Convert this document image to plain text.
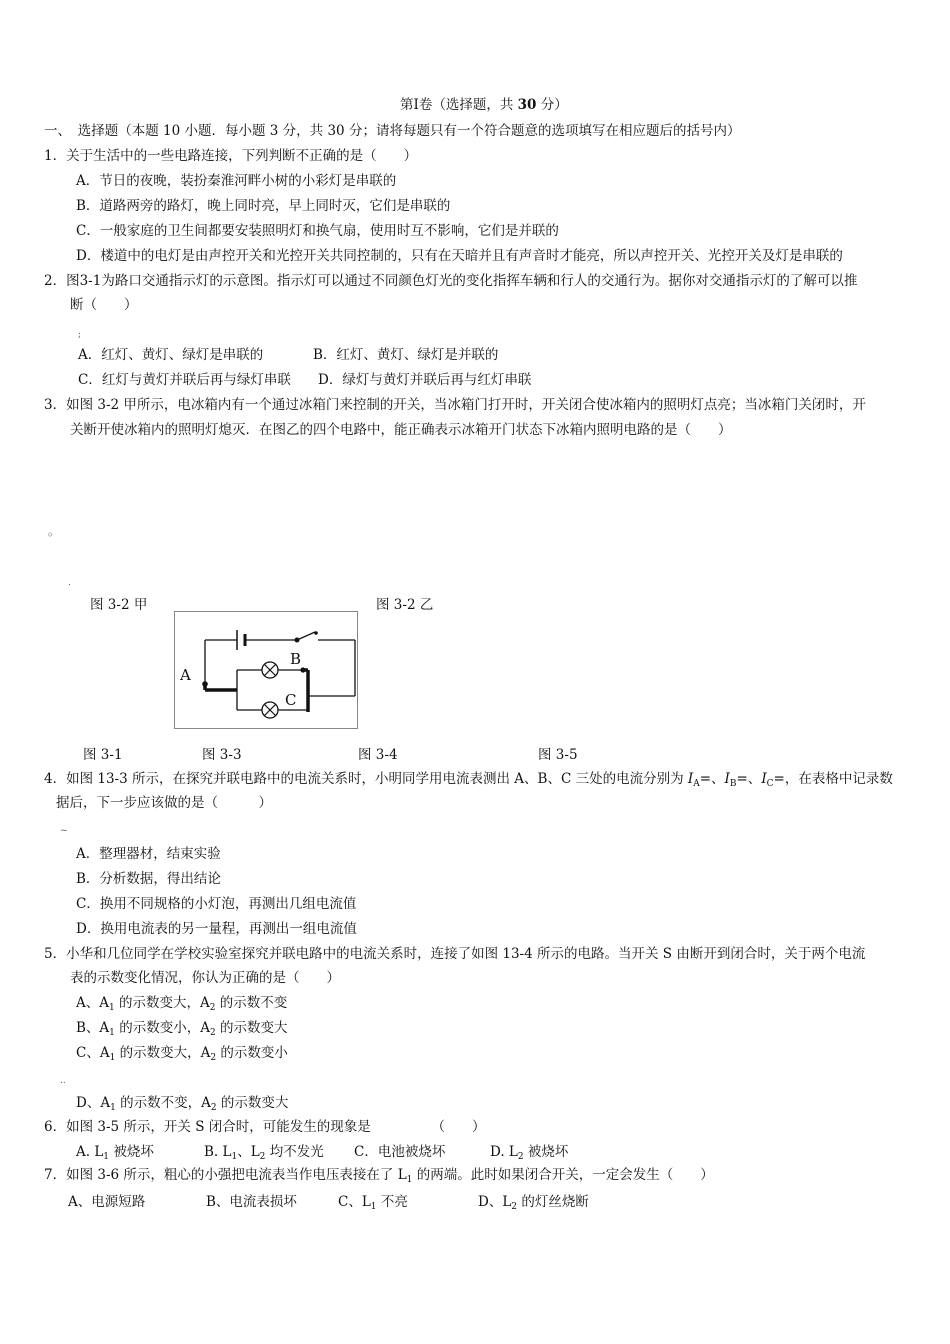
第Ⅰ卷（选择题，共 30 分）
一、　选择题（本题 10 小题．每小题 3 分，共 30 分；请将每题只有一个符合题意的选项填写在相应题后的括号内）
1．关于生活中的一些电路连接，下列判断不正确的是（　　）
A．节日的夜晚，装扮秦淮河畔小树的小彩灯是串联的
B．道路两旁的路灯，晚上同时亮，早上同时灭，它们是串联的
C．一般家庭的卫生间都要安装照明灯和换气扇，使用时互不影响，它们是并联的
D．楼道中的电灯是由声控开关和光控开关共同控制的，只有在天暗并且有声音时才能亮，所以声控开关、光控开关及灯是串联的
2．图3-1为路口交通指示灯的示意图。指示灯可以通过不同颜色灯光的变化指挥车辆和行人的交通行为。据你对交通指示灯的了解可以推
断（　　）
;
A．红灯、黄灯、绿灯是串联的	B．红灯、黄灯、绿灯是并联的
C．红灯与黄灯并联后再与绿灯串联 D．绿灯与黄灯并联后再与红灯串联
3．如图 3-2 甲所示，电冰箱内有一个通过冰箱门来控制的开关，当冰箱门打开时，开关闭合使冰箱内的照明灯点亮；当冰箱门关闭时，开
关断开使冰箱内的照明灯熄灭．在图乙的四个电路中，能正确表示冰箱开门状态下冰箱内照明电路的是（　　）
。
.
图 3-2 甲	图 3-2 乙
A
B
C
图 3-1	图 3-3	图 3-4	图 3-5
4．如图 13-3 所示，在探究并联电路中的电流关系时，小明同学用电流表测出 A、B、C 三处的电流分别为 $I_A=$、$I_B=$、$I_C=$，在表格中记录数
据后，下一步应该做的是（　　　）
~
A．整理器材，结束实验
B．分析数据，得出结论
C．换用不同规格的小灯泡，再测出几组电流值
D．换用电流表的另一量程，再测出一组电流值
5．小华和几位同学在学校实验室探究并联电路中的电流关系时，连接了如图 13-4 所示的电路。当开关 S 由断开到闭合时，关于两个电流
表的示数变化情况，你认为正确的是（　　）
A、$A_1$ 的示数变大，$A_2$ 的示数不变
B、$A_1$ 的示数变小，$A_2$ 的示数变大
C、$A_1$ 的示数变大，$A_2$ 的示数变小
..
D、$A_1$ 的示数不变，$A_2$ 的示数变大
6．如图 3-5 所示，开关 S 闭合时，可能发生的现象是　　　　　（　　）
A. $L_1$ 被烧坏	B. $L_1$、$L_2$ 均不发光 C．电池被烧坏	D. $L_2$ 被烧坏
7．如图 3-6 所示，粗心的小强把电流表当作电压表接在了 $L_1$ 的两端。此时如果闭合开关，一定会发生（　　）
A、电源短路	B、电流表损坏	C、$L_1$ 不亮	D、$L_2$ 的灯丝烧断
